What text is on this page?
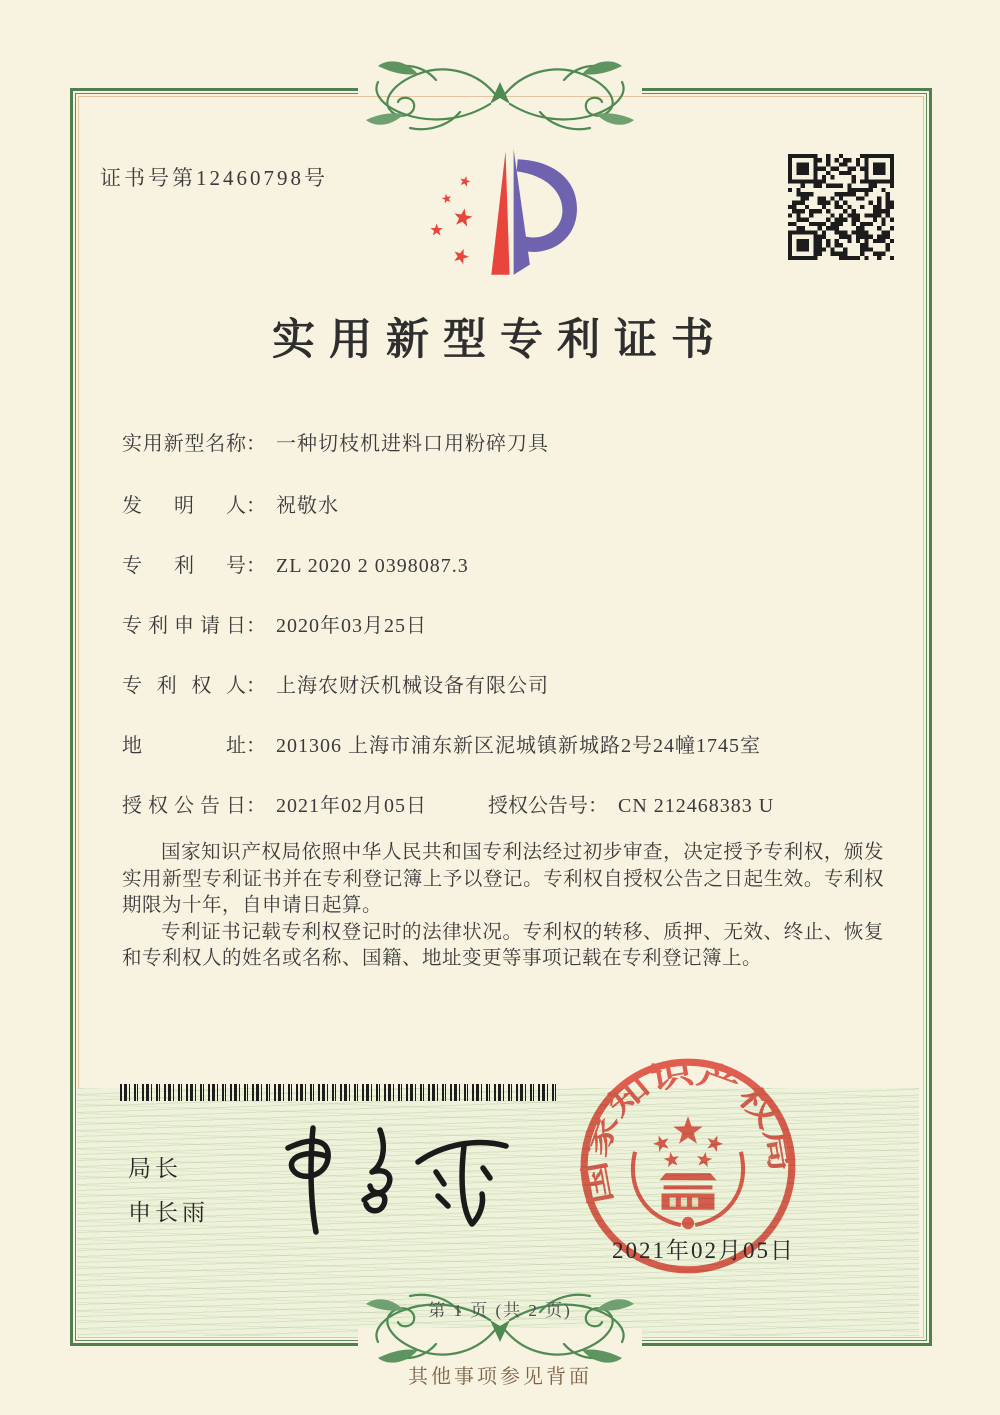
证书号第12460798号
实用新型专利证书
实用新型名称： 一种切枝机进料口用粉碎刀具
发明人： 祝敬水
专利号： ZL 2020 2 0398087.3
专利申请日： 2020年03月25日
专利权人： 上海农财沃机械设备有限公司
地址： 201306 上海市浦东新区泥城镇新城路2号24幢1745室
授权公告日： 2021年02月05日	授权公告号： CN 212468383 U

国家知识产权局依照中华人民共和国专利法经过初步审查，决定授予专利权，颁发实用新型专利证书并在专利登记簿上予以登记。专利权自授权公告之日起生效。专利权期限为十年，自申请日起算。

专利证书记载专利权登记时的法律状况。专利权的转移、质押、无效、终止、恢复和专利权人的姓名或名称、国籍、地址变更等事项记载在专利登记簿上。

局长
申长雨
国家知识产权局
2021年02月05日
第 1 页 (共 2 页)
其他事项参见背面
